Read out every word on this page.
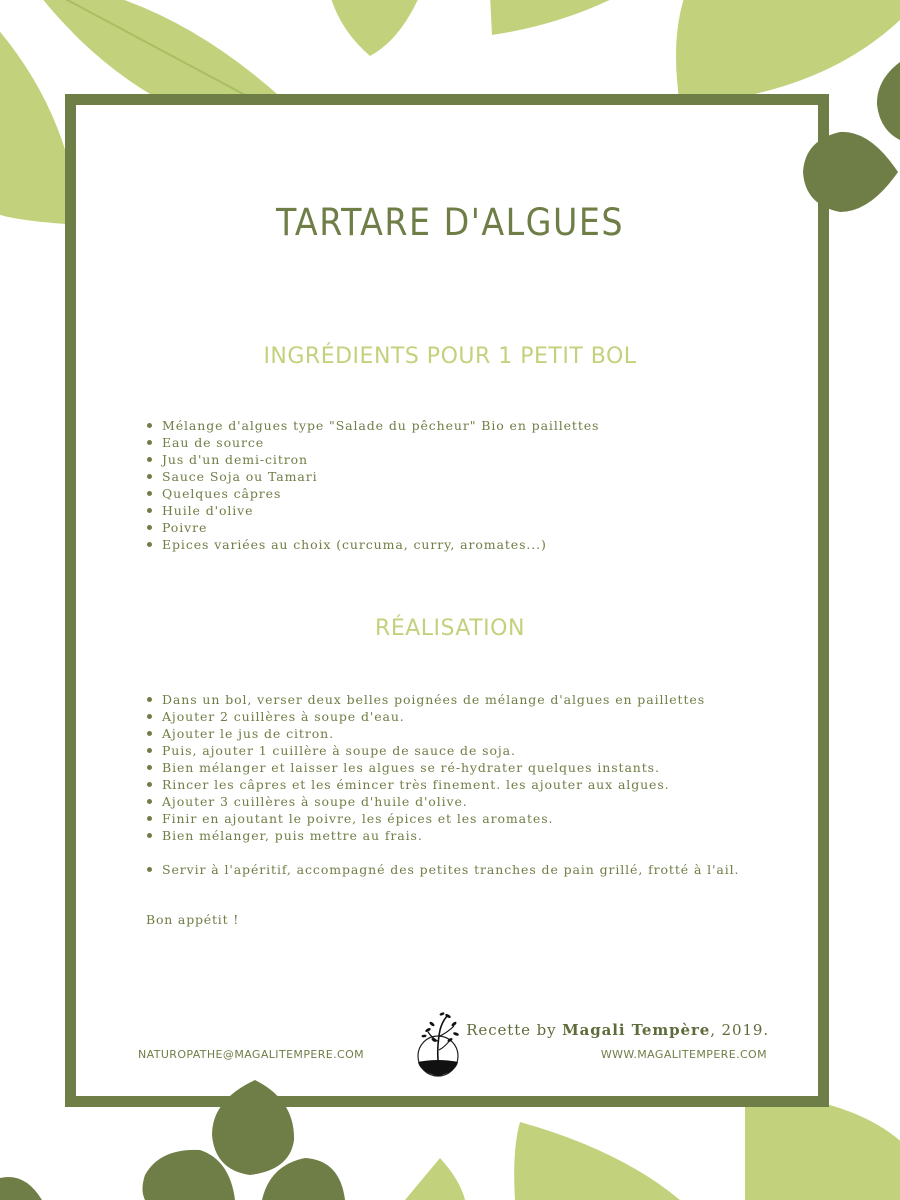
TARTARE D'ALGUES
INGRÉDIENTS POUR 1 PETIT BOL
Mélange d'algues type "Salade du pêcheur" Bio en paillettes
Eau de source
Jus d'un demi-citron
Sauce Soja ou Tamari
Quelques câpres
Huile d'olive
Poivre
Epices variées au choix (curcuma, curry, aromates...)
RÉALISATION
Dans un bol, verser deux belles poignées de mélange d'algues en paillettes
Ajouter 2 cuillères à soupe d'eau.
Ajouter le jus de citron.
Puis, ajouter 1 cuillère à soupe de sauce de soja.
Bien mélanger et laisser les algues se ré-hydrater quelques instants.
Rincer les câpres et les émincer très finement. les ajouter aux algues.
Ajouter 3 cuillères à soupe d'huile d'olive.
Finir en ajoutant le poivre, les épices et les aromates.
Bien mélanger, puis mettre au frais.
Servir à l'apéritif, accompagné des petites tranches de pain grillé, frotté à l'ail.
Bon appétit !
NATUROPATHE@MAGALITEMPERE.COM
Recette by Magali Tempère, 2019.
WWW.MAGALITEMPERE.COM
